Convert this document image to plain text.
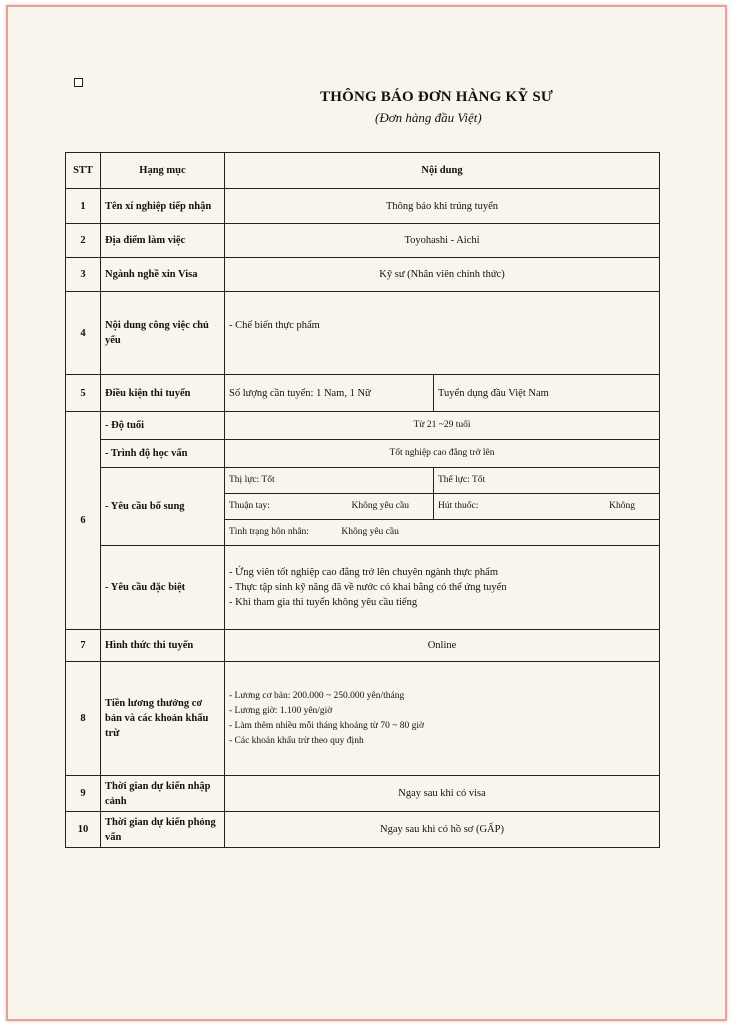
THÔNG BÁO ĐƠN HÀNG KỸ SƯ
(Đơn hàng đầu Việt)
STT	Hạng mục	Nội dung	
1	Tên xí nghiệp tiếp nhận	Thông báo khi trúng tuyển	
2	Địa điểm làm việc	Toyohashi - Aichi	
3	Ngành nghề xin Visa	Kỹ sư (Nhân viên chính thức)	
4	Nội dung công việc chủ yếu	- Chế biến thực phẩm	
5	Điều kiện thi tuyển	Số lượng cần tuyển: 1 Nam, 1 Nữ	Tuyển dụng đầu Việt Nam
6	- Độ tuổi	Từ 21 ~29 tuổi	
	- Trình độ học vấn	Tốt nghiệp cao đẳng trở lên	
	- Yêu cầu bổ sung	Thị lực: Tốt	Thể lực: Tốt

		Thuận tay: Không yêu cầu	Hút thuốc: Không

		Tình trạng hôn nhân: Không yêu cầu	
	- Yêu cầu đặc biệt	- Ứng viên tốt nghiệp cao đẳng trở lên chuyên ngành thực phẩm
- Thực tập sinh kỹ năng đã về nước có khai bằng có thể ứng tuyển
- Khi tham gia thi tuyển không yêu cầu tiếng	

7	Hình thức thi tuyển	Online	
8	Tiền lương thưởng cơ bản và các khoản khấu trừ	- Lương cơ bản: 200.000 ~ 250.000 yên/tháng
- Lương giờ: 1.100 yên/giờ
- Làm thêm nhiều mỗi tháng khoảng từ 70 ~ 80 giờ
- Các khoản khấu trừ theo quy định	

9	Thời gian dự kiến nhập cảnh	Ngay sau khi có visa	
10	Thời gian dự kiến phỏng vấn	Ngay sau khi có hồ sơ (GẤP)	
